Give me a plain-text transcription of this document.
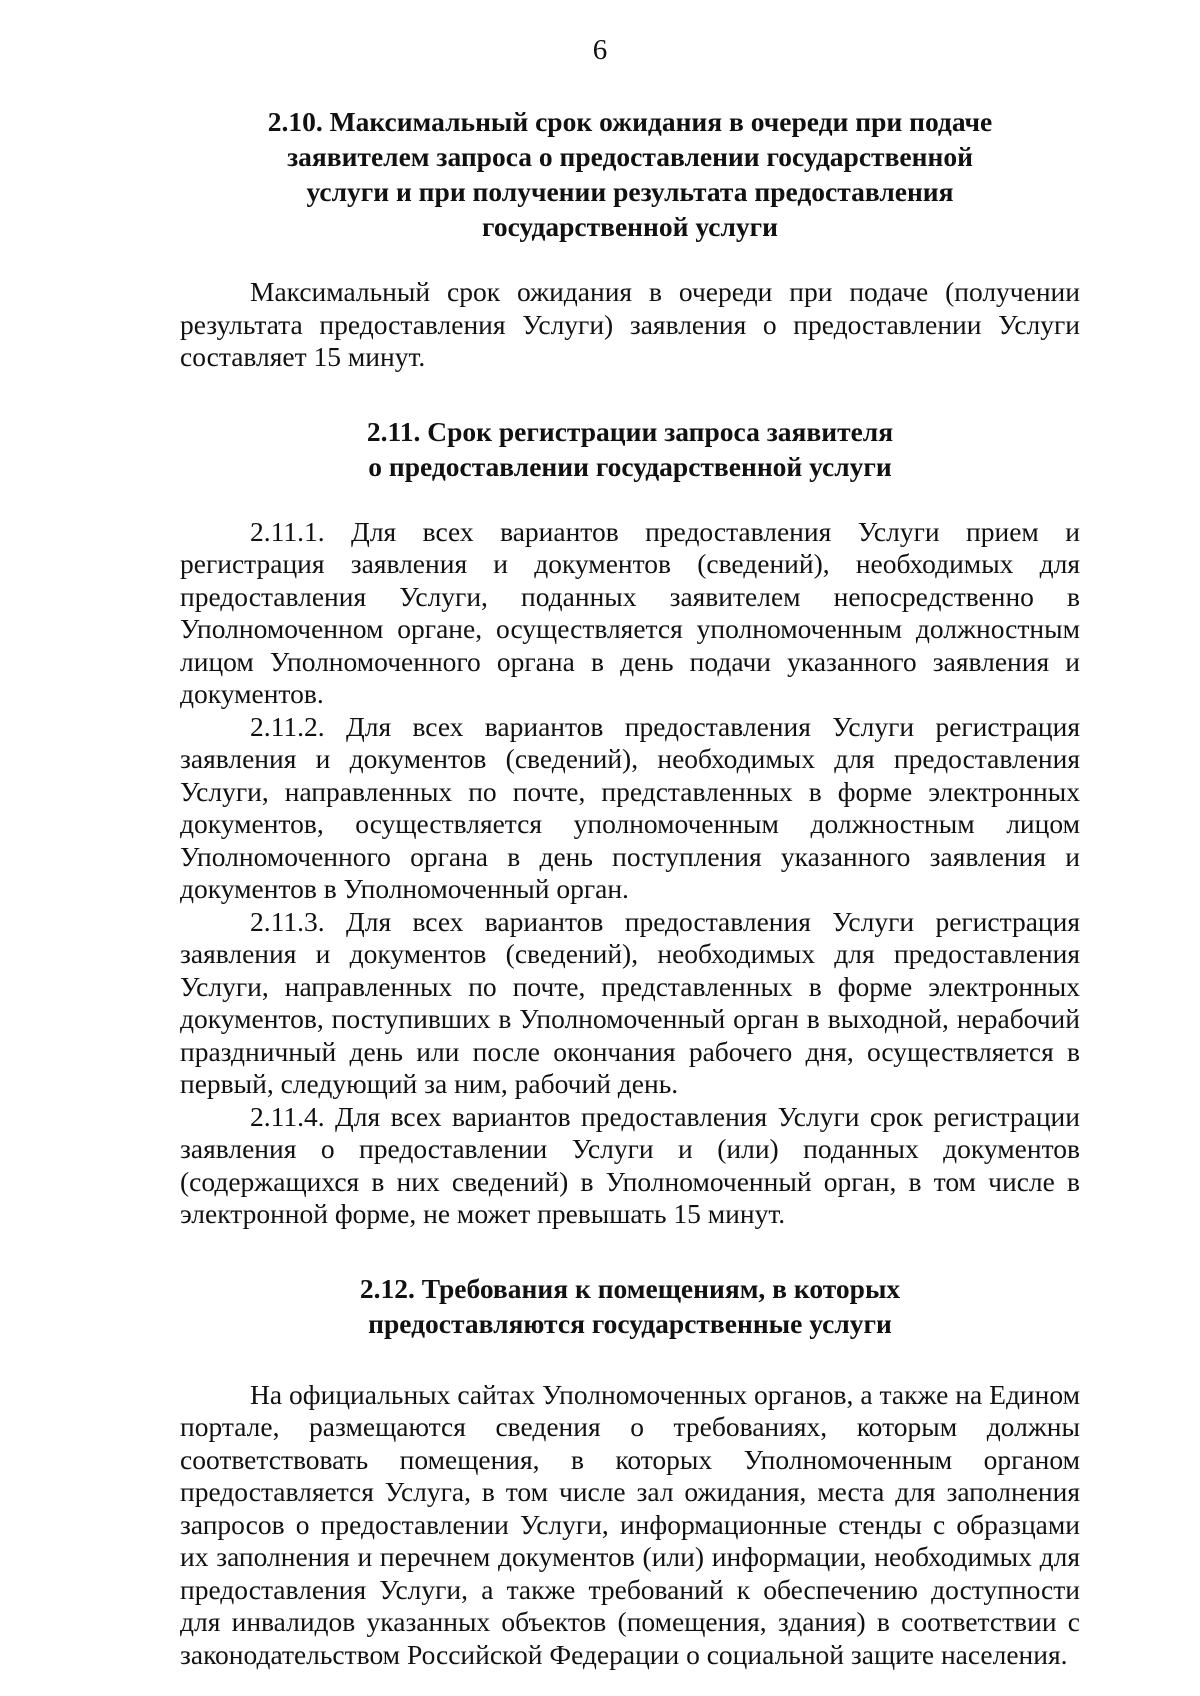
6
2.10. Максимальный срок ожидания в очереди при подаче
заявителем запроса о предоставлении государственной
услуги и при получении результата предоставления
государственной услуги

Максимальный срок ожидания в очереди при подаче (получении результата предоставления Услуги) заявления о предоставлении Услуги составляет 15 минут.

2.11. Срок регистрации запроса заявителя
о предоставлении государственной услуги

2.11.1. Для всех вариантов предоставления Услуги прием и регистрация заявления и документов (сведений), необходимых для предоставления Услуги, поданных заявителем непосредственно в Уполномоченном органе, осуществляется уполномоченным должностным лицом Уполномоченного органа в день подачи указанного заявления и документов.

2.11.2. Для всех вариантов предоставления Услуги регистрация заявления и документов (сведений), необходимых для предоставления Услуги, направленных по почте, представленных в форме электронных документов, осуществляется уполномоченным должностным лицом Уполномоченного органа в день поступления указанного заявления и документов в Уполномоченный орган.

2.11.3. Для всех вариантов предоставления Услуги регистрация заявления и документов (сведений), необходимых для предоставления Услуги, направленных по почте, представленных в форме электронных документов, поступивших в Уполномоченный орган в выходной, нерабочий праздничный день или после окончания рабочего дня, осуществляется в первый, следующий за ним, рабочий день.

2.11.4. Для всех вариантов предоставления Услуги срок регистрации заявления о предоставлении Услуги и (или) поданных документов (содержащихся в них сведений) в Уполномоченный орган, в том числе в электронной форме, не может превышать 15 минут.

2.12. Требования к помещениям, в которых
предоставляются государственные услуги

На официальных сайтах Уполномоченных органов, а также на Едином портале, размещаются сведения о требованиях, которым должны соответствовать помещения, в которых Уполномоченным органом предоставляется Услуга, в том числе зал ожидания, места для заполнения запросов о предоставлении Услуги, информационные стенды с образцами их заполнения и перечнем документов (или) информации, необходимых для предоставления Услуги, а также требований к обеспечению доступности для инвалидов указанных объектов (помещения, здания) в соответствии с законодательством Российской Федерации о социальной защите населения.
